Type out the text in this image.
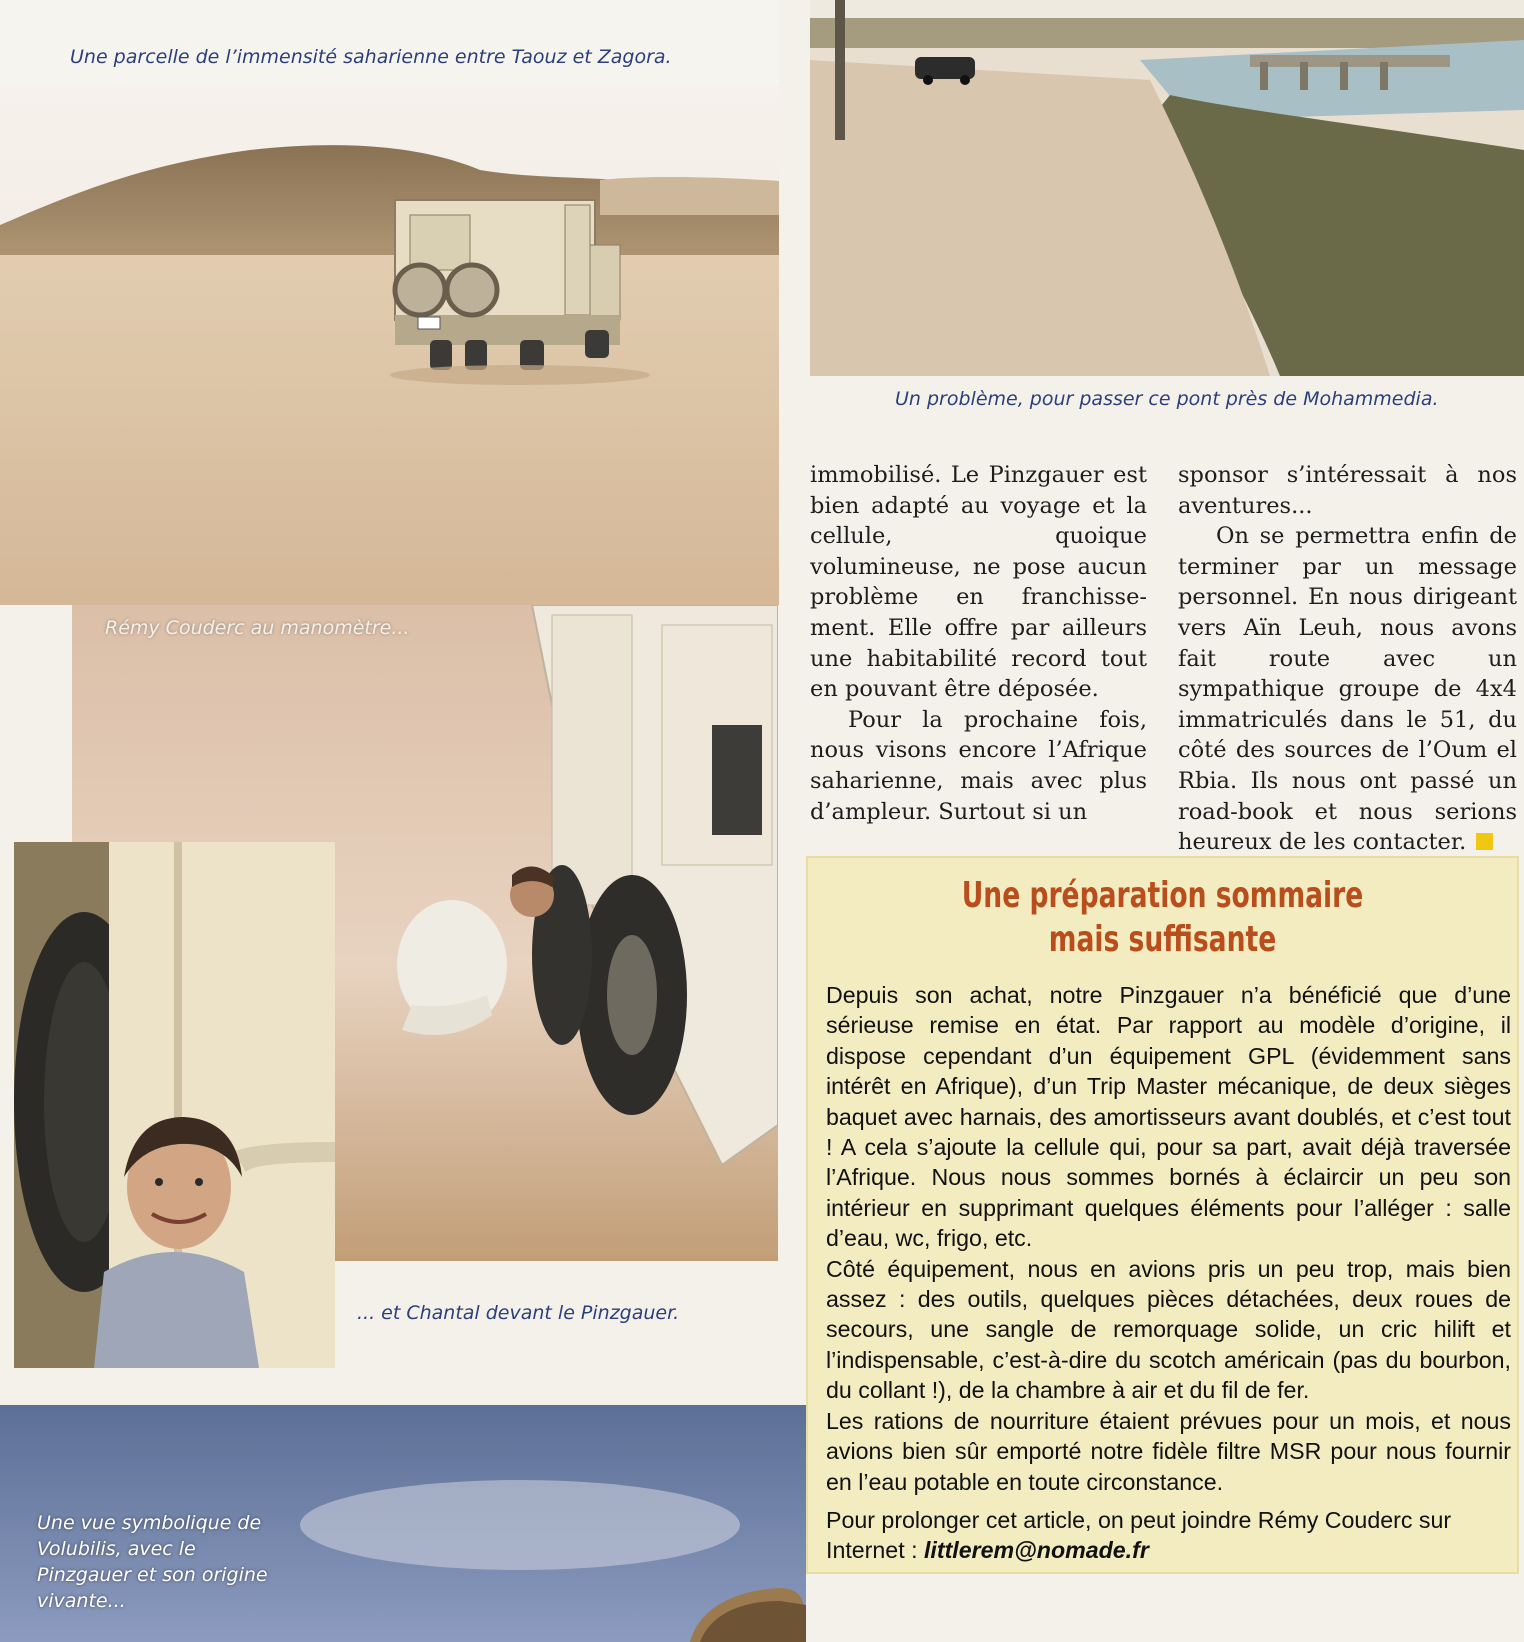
Une parcelle de l’immensité saharienne entre Taouz et Zagora.
Un problème, pour passer ce pont près de Mohammedia.
Rémy Couderc au manomètre...
... et Chantal devant le Pinzgauer.
Une vue symbolique de
Volubilis, avec le
Pinzgauer et son origine
vivante...

immobilisé. Le Pinzgauer est bien adapté au voyage et la cellule, quoique volumineuse, ne pose aucun problème en franchisse-ment. Elle offre par ailleurs une habitabilité record tout en pouvant être déposée.

Pour la prochaine fois, nous visons encore l’Afrique saharienne, mais avec plus d’ampleur. Surtout si un

sponsor s’intéressait à nos aventures...

On se permettra enfin de terminer par un message personnel. En nous dirigeant vers Aïn Leuh, nous avons fait route avec un sympathique groupe de 4x4 immatriculés dans le 51, du côté des sources de l’Oum el Rbia. Ils nous ont passé un road-book et nous serions heureux de les contacter.

Une préparation sommaire
mais suffisante

Depuis son achat, notre Pinzgauer n’a bénéficié que d’une sérieuse remise en état. Par rapport au modèle d’origine, il dispose cependant d’un équipement GPL (évidemment sans intérêt en Afrique), d’un Trip Master mécanique, de deux sièges baquet avec harnais, des amortisseurs avant doublés, et c’est tout ! A cela s’ajoute la cellule qui, pour sa part, avait déjà traversée l’Afrique. Nous nous sommes bornés à éclaircir un peu son intérieur en supprimant quelques éléments pour l’alléger : salle d’eau, wc, frigo, etc.

Côté équipement, nous en avions pris un peu trop, mais bien assez : des outils, quelques pièces détachées, deux roues de secours, une sangle de remorquage solide, un cric hilift et l’indispensable, c’est-à-dire du scotch américain (pas du bourbon, du collant !), de la chambre à air et du fil de fer.

Les rations de nourriture étaient prévues pour un mois, et nous avions bien sûr emporté notre fidèle filtre MSR pour nous fournir en l’eau potable en toute circonstance.

Pour prolonger cet article, on peut joindre Rémy Couderc sur Internet : littlerem@nomade.fr
